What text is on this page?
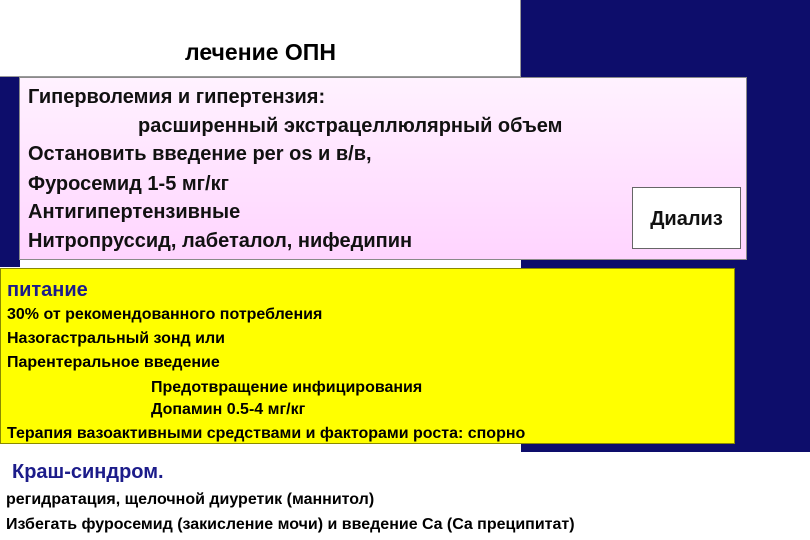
лечение ОПН
Гиперволемия и гипертензия:
расширенный экстрацеллюлярный объем
Остановить введение per os и в/в,
Фуросемид 1-5 мг/кг
Антигипертензивные
Нитропруссид, лабеталол, нифедипин
Диализ
питание
30% от рекомендованного потребления
Назогастральный зонд или
Парентеральное введение
Предотвращение инфицирования
Допамин 0.5-4 мг/кг
Терапия вазоактивными средствами и факторами роста: спорно
Краш-синдром.
регидратация, щелочной диуретик (маннитол)
Избегать фуросемид (закисление мочи) и введение Ca (Ca преципитат)
